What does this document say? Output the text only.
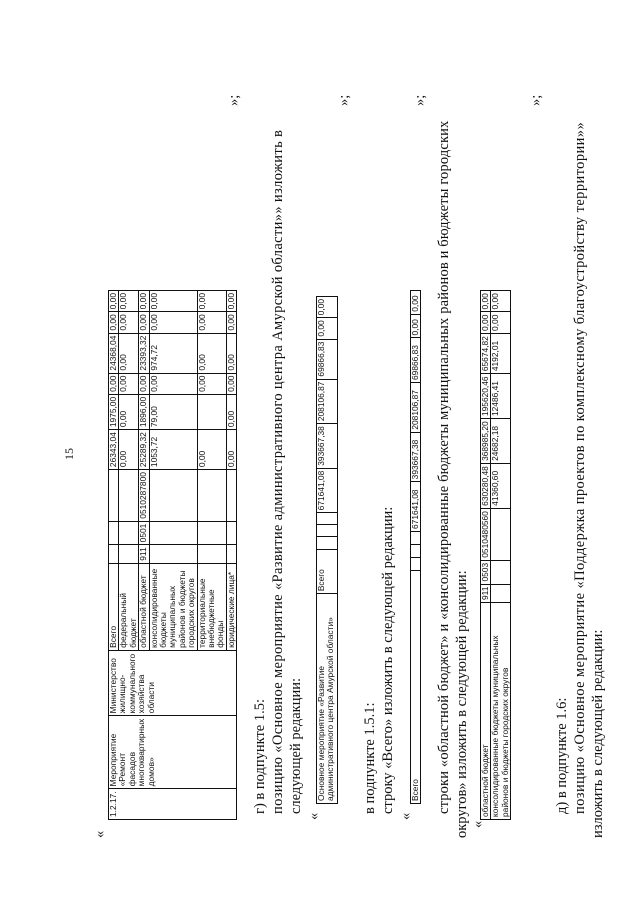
15
«
1.2.17.	Мероприятие «Ремонт фасадов многоквартирных домов»	Министерство жилищно-коммунального хозяйства области	Всего				26343,04	1975,00	0,00	24368,04	0,00	0,00
			федеральный бюджет				0,00	0,00	0,00	0,00	0,00	0,00
			областной бюджет	911	0501	0510287800	25289,32	1896,00	0,00	23393,32	0,00	0,00
			консолидированные бюджеты муниципальных районов и бюджеты городских округов				1053,72	79,00	0,00	974,72	0,00	0,00
			территориальные внебюджетные фонды				0,00		0,00	0,00	0,00	0,00
			юридические лица*				0,00	0,00	0,00	0,00	0,00	0,00
»;
г) в подпункте 1.5: позицию «Основное мероприятие «Развитие административного центра Амурской области»» изложить в следующей редакции:
«
Основное мероприятие «Развитие административного центра Амурской области»	Всего				671641,08	393667,38	208106,87	69866,83	0,00	0,00
»;
в подпункте 1.5.1: строку «Всего» изложить в следующей редакции:
«
Всего				671641,08	393667,38	208106,87	69866,83	0,00	0,00
»;
строки «областной бюджет» и «консолидированные бюджеты муниципальных районов и бюджеты городских округов» изложить в следующей редакции: «
областной бюджет	911	0503	0510480560	630280,48	368985,20	195620,46	65674,82	0,00	0,00
консолидированные бюджеты муниципальных районов и бюджеты городских округов				41360,60	24682,18	12486,41	4192,01	0,00	0,00
»;
д) в подпункте 1.6: позицию «Основное мероприятие «Поддержка проектов по комплексному благоустройству территории»» изложить в следующей редакции:
